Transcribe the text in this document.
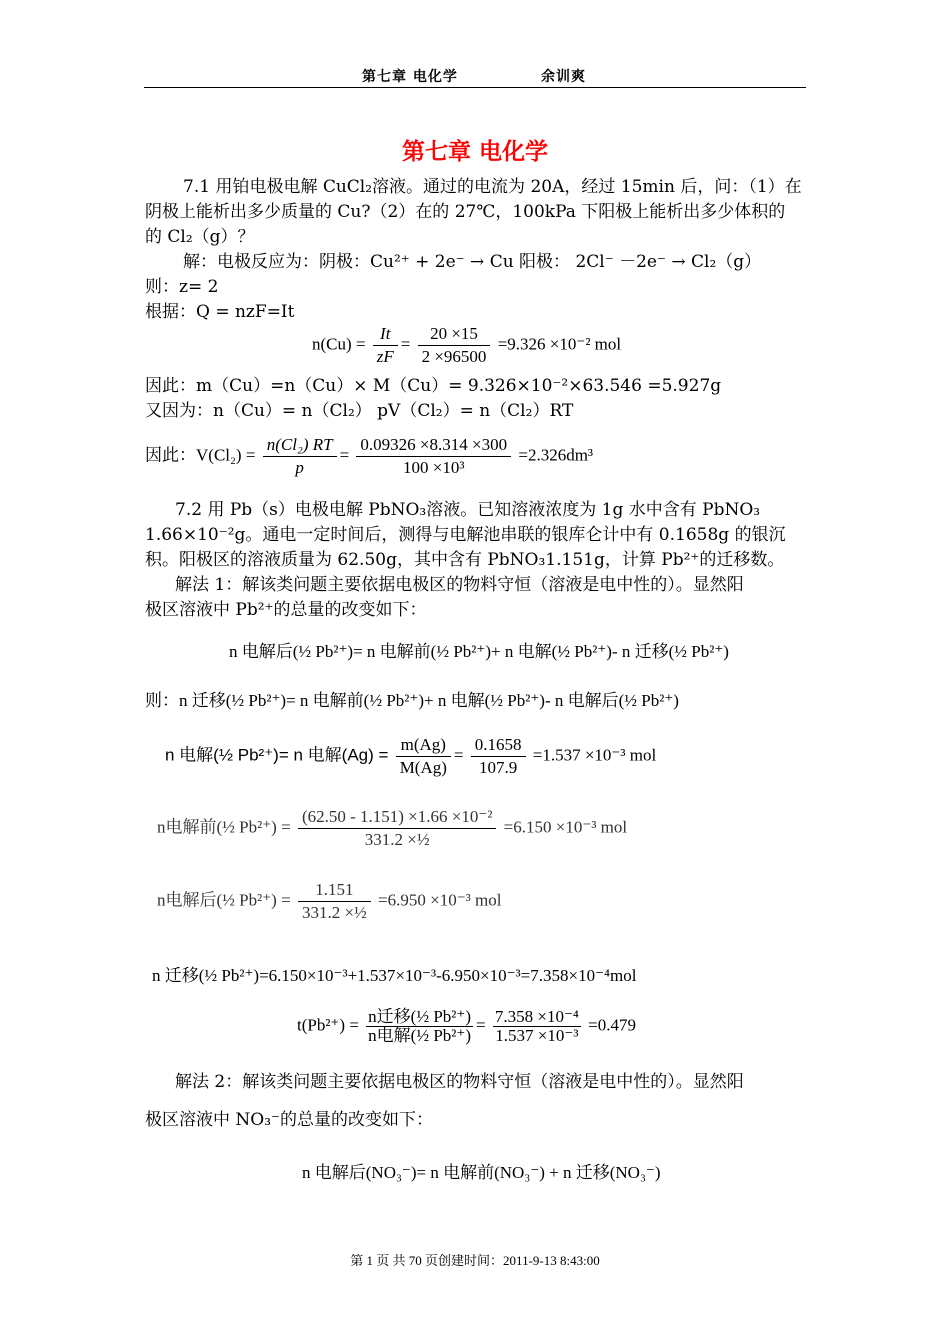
第七章 电化学	余训爽
第七章 电化学
7.1 用铂电极电解 CuCl₂溶液。通过的电流为 20A，经过 15min 后，问：（1）在
阴极上能析出多少质量的 Cu?（2）在的 27℃，100kPa 下阳极上能析出多少体积的
的 Cl₂（g）？
解：电极反应为：阴极：Cu²⁺ + 2e⁻ → Cu 阳极： 2Cl⁻ －2e⁻ → Cl₂（g）
则：z= 2
根据：Q = nzF=It
$n(Cu) = \frac{It}{zF} = \frac{20 \times 15}{2 \times 96500} =9.326 \times 10^{-2}$ mol
因此：m（Cu）=n（Cu）× M（Cu）= 9.326×10⁻²×63.546 =5.927g
又因为：n（Cu）= n（Cl₂） pV（Cl₂）= n（Cl₂）RT
因此：$V(Cl_2) = \frac{\text{n(Cl₂) RT}}{p} = \frac{0.09326 \times 8.314 \times 300}{\text{100 ×10³}} =2.326dm^3$
7.2 用 Pb（s）电极电解 PbNO₃溶液。已知溶液浓度为 1g 水中含有 PbNO₃
1.66×10⁻²g。通电一定时间后，测得与电解池串联的银库仑计中有 0.1658g 的银沉
积。阳极区的溶液质量为 62.50g，其中含有 PbNO₃1.151g，计算 Pb²⁺的迁移数。
解法 1：解该类问题主要依据电极区的物料守恒（溶液是电中性的）。显然阳
极区溶液中 Pb²⁺的总量的改变如下：
n 电解后(½ Pb²⁺)= n 电解前(½ Pb²⁺)+ n 电解(½ Pb²⁺)- n 迁移(½ Pb²⁺)
则：n 迁移(½ Pb²⁺)= n 电解前(½ Pb²⁺)+ n 电解(½ Pb²⁺)- n 电解后(½ Pb²⁺)
n 电解(½ Pb²⁺)= n 电解$(Ag) = \frac{m(Ag)}{M(Ag)} = \frac{0.1658}{107.9} =1.537 \times 10^{-3}$ mol
n电解前(½ $Pb^{2+}) = \frac{\text{(62.50 - 1.151) ×1.66 ×10⁻²}}{\text{331.2 ×½}} =6.150 \times 10^{-3}$ mol
n电解后(½ $Pb^{2+}) = \frac{1.151}{\text{331.2 ×½}} =6.950 \times 10^{-3}$ mol
n 迁移(½ Pb²⁺)=6.150×10⁻³+1.537×10⁻³-6.950×10⁻³=7.358×10⁻⁴mol
t(Pb²⁺) = n迁移(½ Pb²⁺)
n电解(½ Pb²⁺)
= $\frac{\text{7.358 ×10⁻⁴}}{\text{1.537 ×10⁻³}} =0.479$
解法 2：解该类问题主要依据电极区的物料守恒（溶液是电中性的）。显然阳
极区溶液中 NO₃⁻的总量的改变如下：
n 电解后(NO₃⁻)= n 电解前(NO₃⁻) + n 迁移(NO₃⁻)
第 1 页 共 70 页创建时间：2011-9-13 8:43:00
